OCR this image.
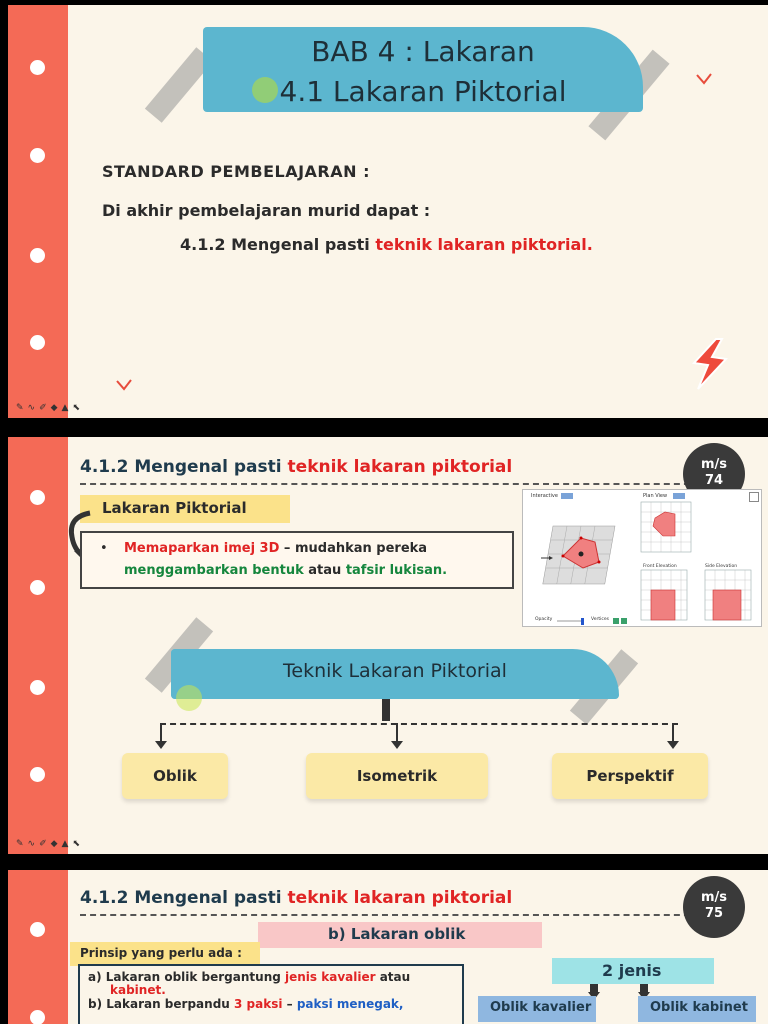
BAB 4 : Lakaran
4.1 Lakaran Piktorial
STANDARD PEMBELAJARAN :
Di akhir pembelajaran murid dapat :
4.1.2 Mengenal pasti teknik lakaran piktorial.
✎∿✐◆▲⬉
4.1.2 Mengenal pasti teknik lakaran piktorial	m/s
74
Lakaran Piktorial
• Memaparkan imej 3D – mudahkan pereka
menggambarkan bentuk atau tafsir lukisan.
Interactive	Plan View
Front Elevation	Side Elevation
Opacity	Vertices
Teknik Lakaran Piktorial
Oblik	Isometrik	Perspektif
✎∿✐◆▲⬉
4.1.2 Mengenal pasti teknik lakaran piktorial	m/s
75
b) Lakaran oblik
Prinsip yang perlu ada :
a) Lakaran oblik bergantung jenis kavalier atau
kabinet.
b) Lakaran berpandu 3 paksi – paksi menegak,
2 jenis
Oblik kavalier	Oblik kabinet
